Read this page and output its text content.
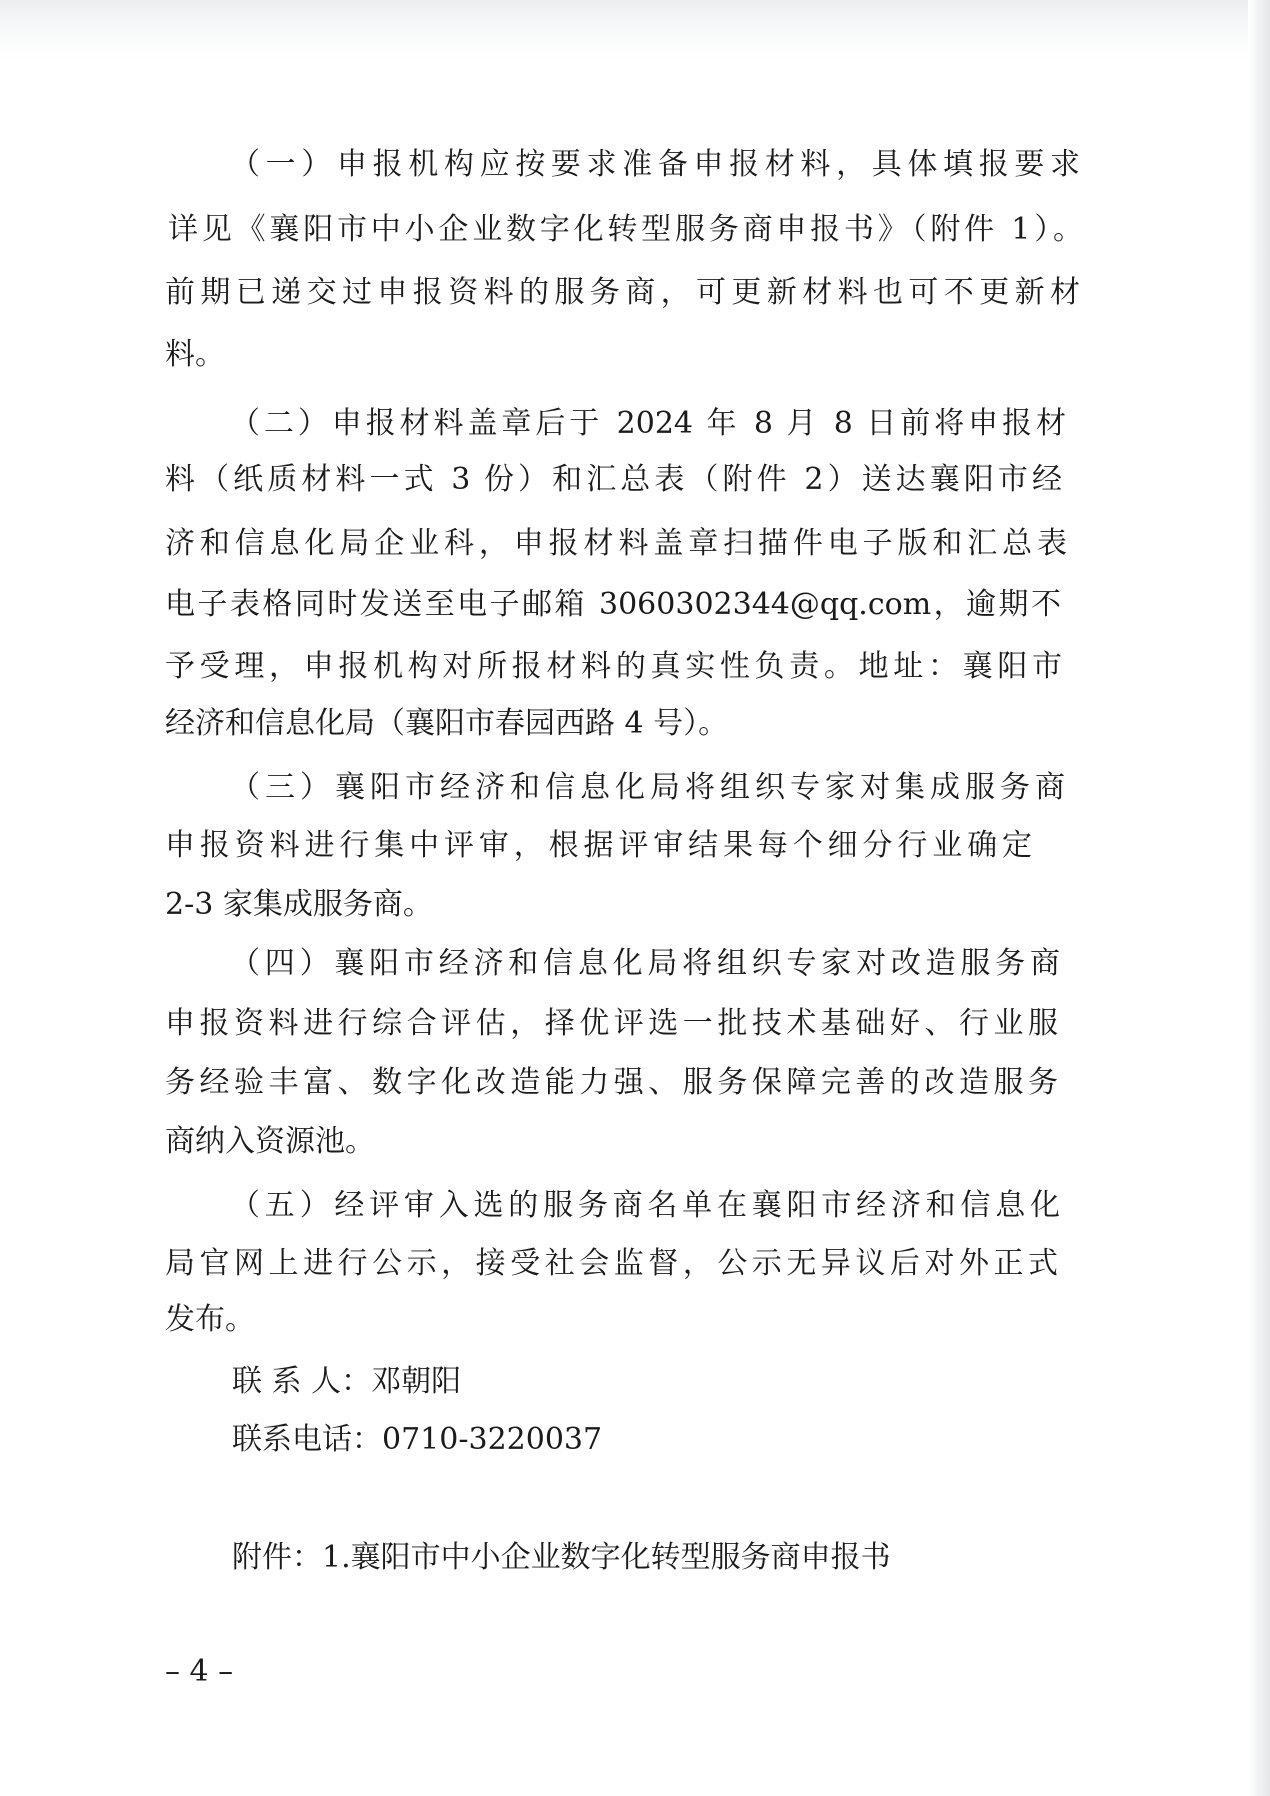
（一）申报机构应按要求准备申报材料，具体填报要求

详见《襄阳市中小企业数字化转型服务商申报书》（附件 1）。

前期已递交过申报资料的服务商，可更新材料也可不更新材

料。

（二）申报材料盖章后于 2024 年 8 月 8 日前将申报材

料（纸质材料一式 3 份）和汇总表（附件 2）送达襄阳市经

济和信息化局企业科，申报材料盖章扫描件电子版和汇总表

电子表格同时发送至电子邮箱 3060302344@qq.com，逾期不

予受理，申报机构对所报材料的真实性负责。地址：襄阳市

经济和信息化局（襄阳市春园西路 4 号）。

（三）襄阳市经济和信息化局将组织专家对集成服务商

申报资料进行集中评审，根据评审结果每个细分行业确定

2-3 家集成服务商。

（四）襄阳市经济和信息化局将组织专家对改造服务商

申报资料进行综合评估，择优评选一批技术基础好、行业服

务经验丰富、数字化改造能力强、服务保障完善的改造服务

商纳入资源池。

（五）经评审入选的服务商名单在襄阳市经济和信息化

局官网上进行公示，接受社会监督，公示无异议后对外正式

发布。

联 系 人：邓朝阳

联系电话：0710-3220037

附件：1.襄阳市中小企业数字化转型服务商申报书

– 4 –
